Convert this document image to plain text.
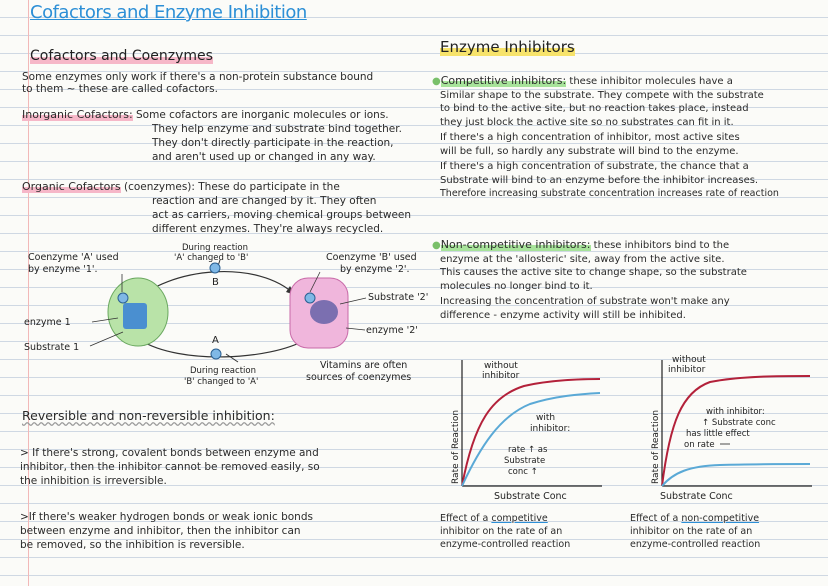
Cofactors and Enzyme Inhibition
Cofactors and Coenzymes
Some enzymes only work if there's a non-protein substance bound
to them ~ these are called cofactors.
Inorganic Cofactors: Some cofactors are inorganic molecules or ions.
They help enzyme and substrate bind together.
They don't directly participate in the reaction,
and aren't used up or changed in any way.
Organic Cofactors (coenzymes): These do participate in the
reaction and are changed by it. They often
act as carriers, moving chemical groups between
different enzymes. They're always recycled.
Coenzyme 'A' used
by enzyme '1'.
During reaction
'A' changed to 'B'
B
Coenzyme 'B' used
by enzyme '2'.
Substrate '2'
enzyme 1
Substrate 1
enzyme '2'
A
During reaction
'B' changed to 'A'
Vitamins are often
sources of coenzymes
Reversible and non-reversible inhibition:
> If there's strong, covalent bonds between enzyme and
inhibitor, then the inhibitor cannot be removed easily, so
the inhibition is irreversible.
>If there's weaker hydrogen bonds or weak ionic bonds
between enzyme and inhibitor, then the inhibitor can
be removed, so the inhibition is reversible.
Enzyme Inhibitors
●Competitive inhibitors: these inhibitor molecules have a
Similar shape to the substrate. They compete with the substrate
to bind to the active site, but no reaction takes place, instead
they just block the active site so no substrates can fit in it.
If there's a high concentration of inhibitor, most active sites
will be full, so hardly any substrate will bind to the enzyme.
If there's a high concentration of substrate, the chance that a
Substrate will bind to an enzyme before the inhibitor increases.
Therefore increasing substrate concentration increases rate of reaction
●Non-competitive inhibitors: these inhibitors bind to the
enzyme at the 'allosteric' site, away from the active site.
This causes the active site to change shape, so the substrate
molecules no longer bind to it.
Increasing the concentration of substrate won't make any
difference - enzyme activity will still be inhibited.
Rate of Reaction
without
inhibitor
with
inhibitor:
rate ↑ as
Substrate
conc ↑
Substrate Conc
Effect of a competitive
inhibitor on the rate of an
enzyme-controlled reaction
Rate of Reaction
without
inhibitor
with inhibitor:
↑ Substrate conc
has little effect
on rate
Substrate Conc
Effect of a non-competitive
inhibitor on the rate of an
enzyme-controlled reaction
